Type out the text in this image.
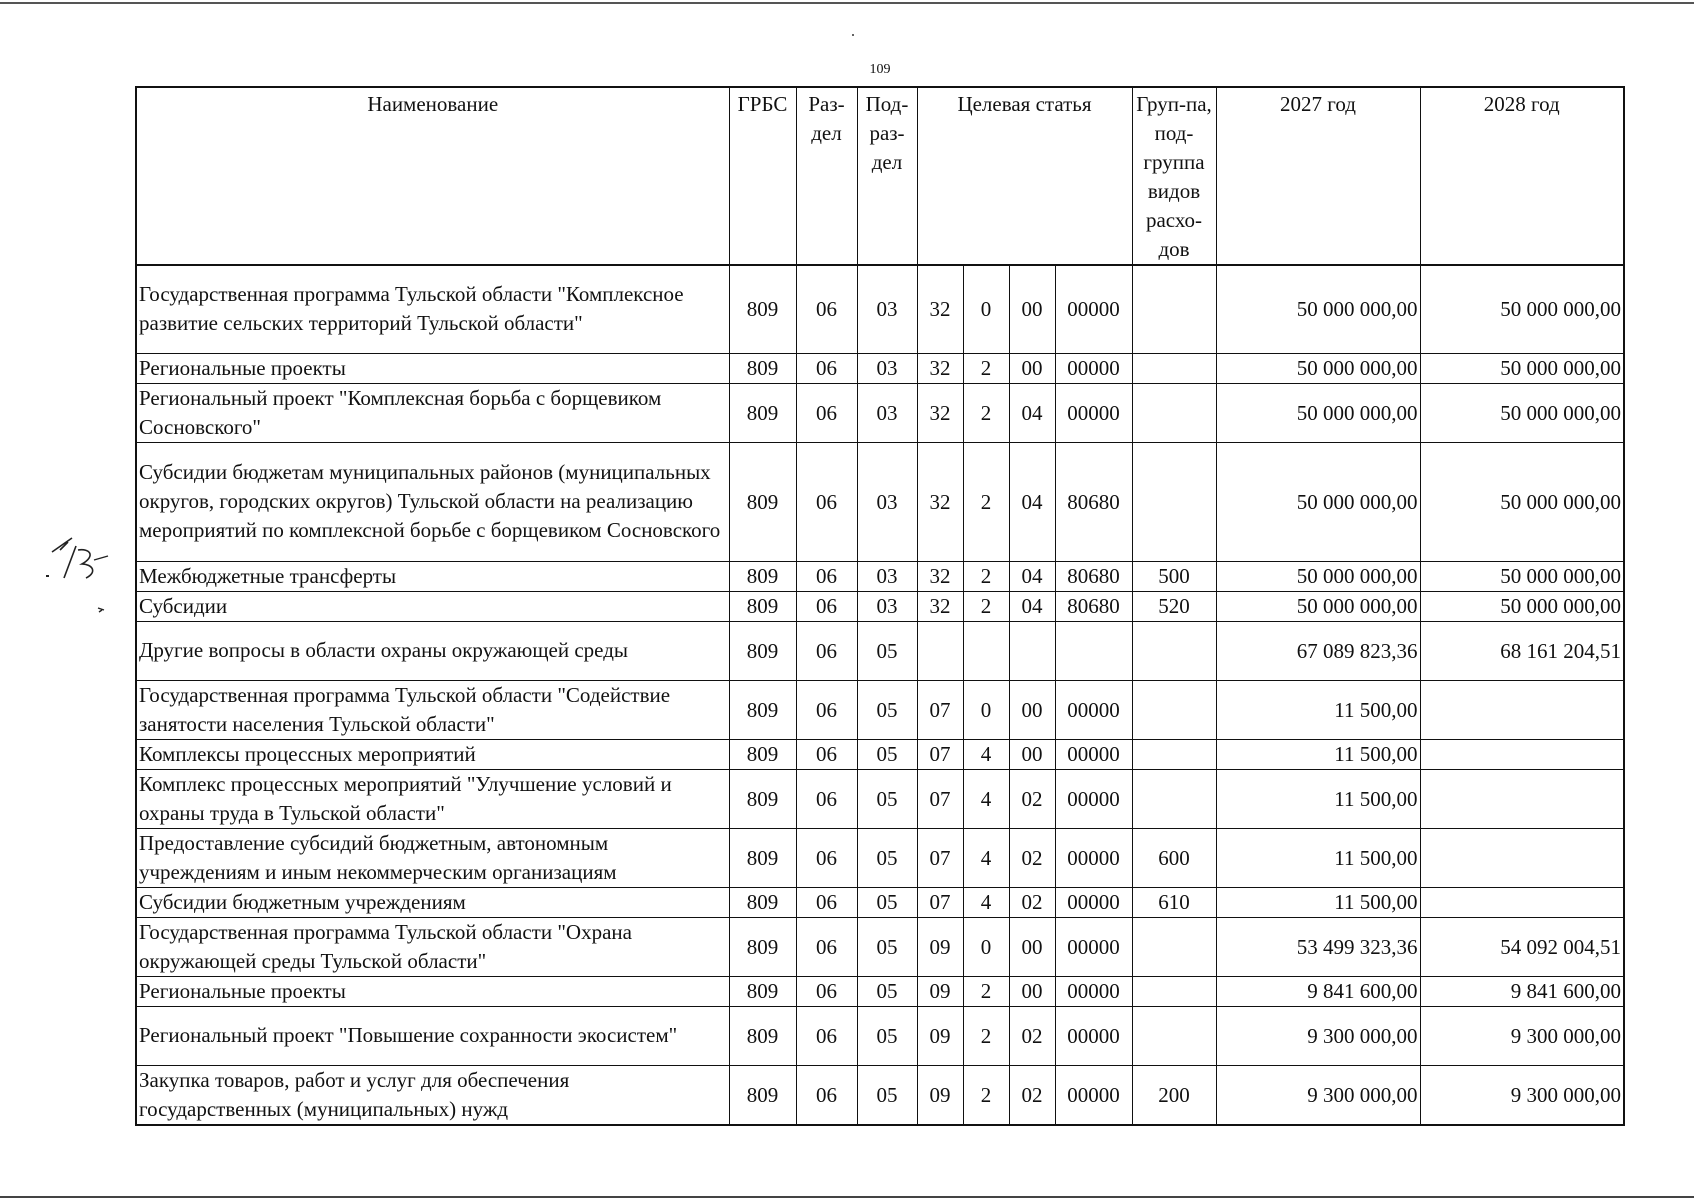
109
Наименование	ГРБС	Раз-дел	Под-раз-дел	Целевая статья				Груп-па, под-группа видов расхо-дов	2027 год	2028 год
Государственная программа Тульской области "Комплексное развитие сельских территорий Тульской области"	809	06	03	32	0	00	00000		50 000 000,00	50 000 000,00
Региональные проекты	809	06	03	32	2	00	00000		50 000 000,00	50 000 000,00
Региональный проект "Комплексная борьба с борщевиком Сосновского"	809	06	03	32	2	04	00000		50 000 000,00	50 000 000,00
Субсидии бюджетам муниципальных районов (муниципальных округов, городских округов) Тульской области на реализацию мероприятий по комплексной борьбе с борщевиком Сосновского	809	06	03	32	2	04	80680		50 000 000,00	50 000 000,00
Межбюджетные трансферты	809	06	03	32	2	04	80680	500	50 000 000,00	50 000 000,00
Субсидии	809	06	03	32	2	04	80680	520	50 000 000,00	50 000 000,00
Другие вопросы в области охраны окружающей среды	809	06	05						67 089 823,36	68 161 204,51
Государственная программа Тульской области "Содействие занятости населения Тульской области"	809	06	05	07	0	00	00000		11 500,00	
Комплексы процессных мероприятий	809	06	05	07	4	00	00000		11 500,00	
Комплекс процессных мероприятий "Улучшение условий и охраны труда в Тульской области"	809	06	05	07	4	02	00000		11 500,00	
Предоставление субсидий бюджетным, автономным учреждениям и иным некоммерческим организациям	809	06	05	07	4	02	00000	600	11 500,00	
Субсидии бюджетным учреждениям	809	06	05	07	4	02	00000	610	11 500,00	
Государственная программа Тульской области "Охрана окружающей среды Тульской области"	809	06	05	09	0	00	00000		53 499 323,36	54 092 004,51
Региональные проекты	809	06	05	09	2	00	00000		9 841 600,00	9 841 600,00
Региональный проект "Повышение сохранности экосистем"	809	06	05	09	2	02	00000		9 300 000,00	9 300 000,00
Закупка товаров, работ и услуг для обеспечения государственных (муниципальных) нужд	809	06	05	09	2	02	00000	200	9 300 000,00	9 300 000,00
